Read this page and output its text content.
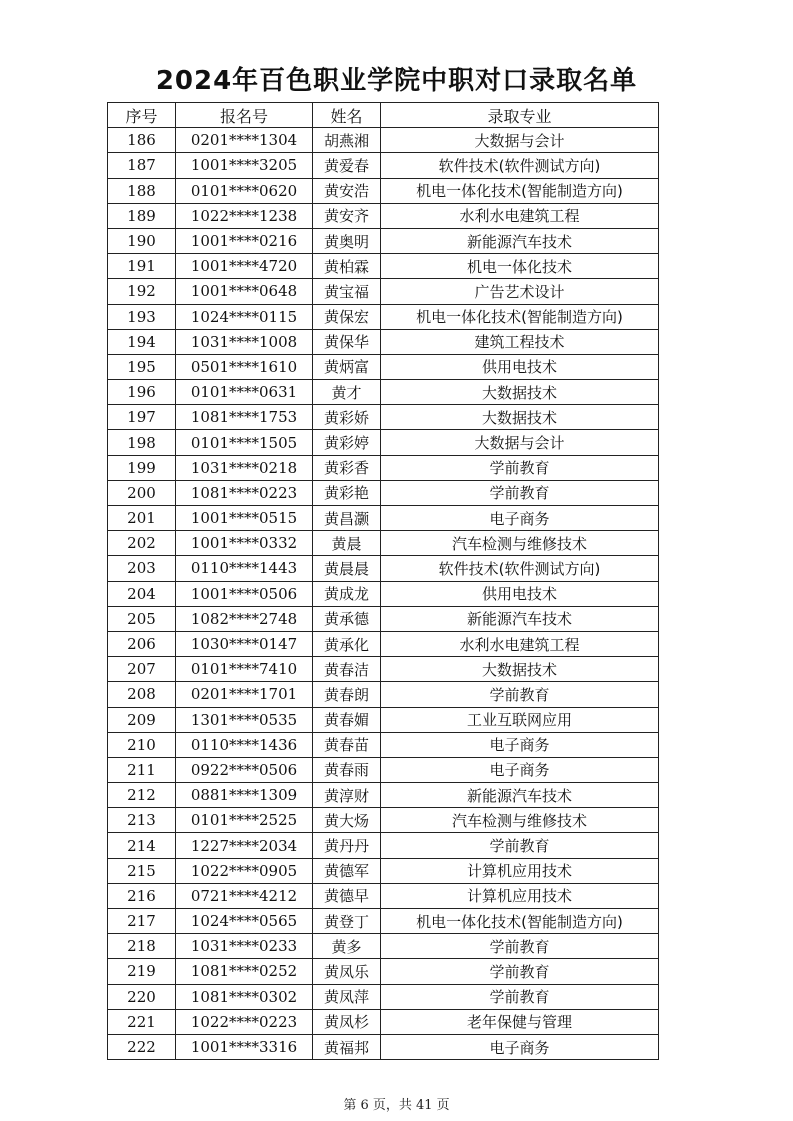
2024年百色职业学院中职对口录取名单
序号	报名号	姓名	录取专业
186	0201****1304	胡燕湘	大数据与会计
187	1001****3205	黄爱春	软件技术(软件测试方向)
188	0101****0620	黄安浩	机电一体化技术(智能制造方向)
189	1022****1238	黄安齐	水利水电建筑工程
190	1001****0216	黄奥明	新能源汽车技术
191	1001****4720	黄柏霖	机电一体化技术
192	1001****0648	黄宝福	广告艺术设计
193	1024****0115	黄保宏	机电一体化技术(智能制造方向)
194	1031****1008	黄保华	建筑工程技术
195	0501****1610	黄炳富	供用电技术
196	0101****0631	黄才	大数据技术
197	1081****1753	黄彩娇	大数据技术
198	0101****1505	黄彩婷	大数据与会计
199	1031****0218	黄彩香	学前教育
200	1081****0223	黄彩艳	学前教育
201	1001****0515	黄昌灏	电子商务
202	1001****0332	黄晨	汽车检测与维修技术
203	0110****1443	黄晨晨	软件技术(软件测试方向)
204	1001****0506	黄成龙	供用电技术
205	1082****2748	黄承德	新能源汽车技术
206	1030****0147	黄承化	水利水电建筑工程
207	0101****7410	黄春洁	大数据技术
208	0201****1701	黄春朗	学前教育
209	1301****0535	黄春媚	工业互联网应用
210	0110****1436	黄春苗	电子商务
211	0922****0506	黄春雨	电子商务
212	0881****1309	黄淳财	新能源汽车技术
213	0101****2525	黄大炀	汽车检测与维修技术
214	1227****2034	黄丹丹	学前教育
215	1022****0905	黄德军	计算机应用技术
216	0721****4212	黄德早	计算机应用技术
217	1024****0565	黄登丁	机电一体化技术(智能制造方向)
218	1031****0233	黄多	学前教育
219	1081****0252	黄凤乐	学前教育
220	1081****0302	黄凤萍	学前教育
221	1022****0223	黄凤杉	老年保健与管理
222	1001****3316	黄福邦	电子商务
第 6 页，共 41 页
